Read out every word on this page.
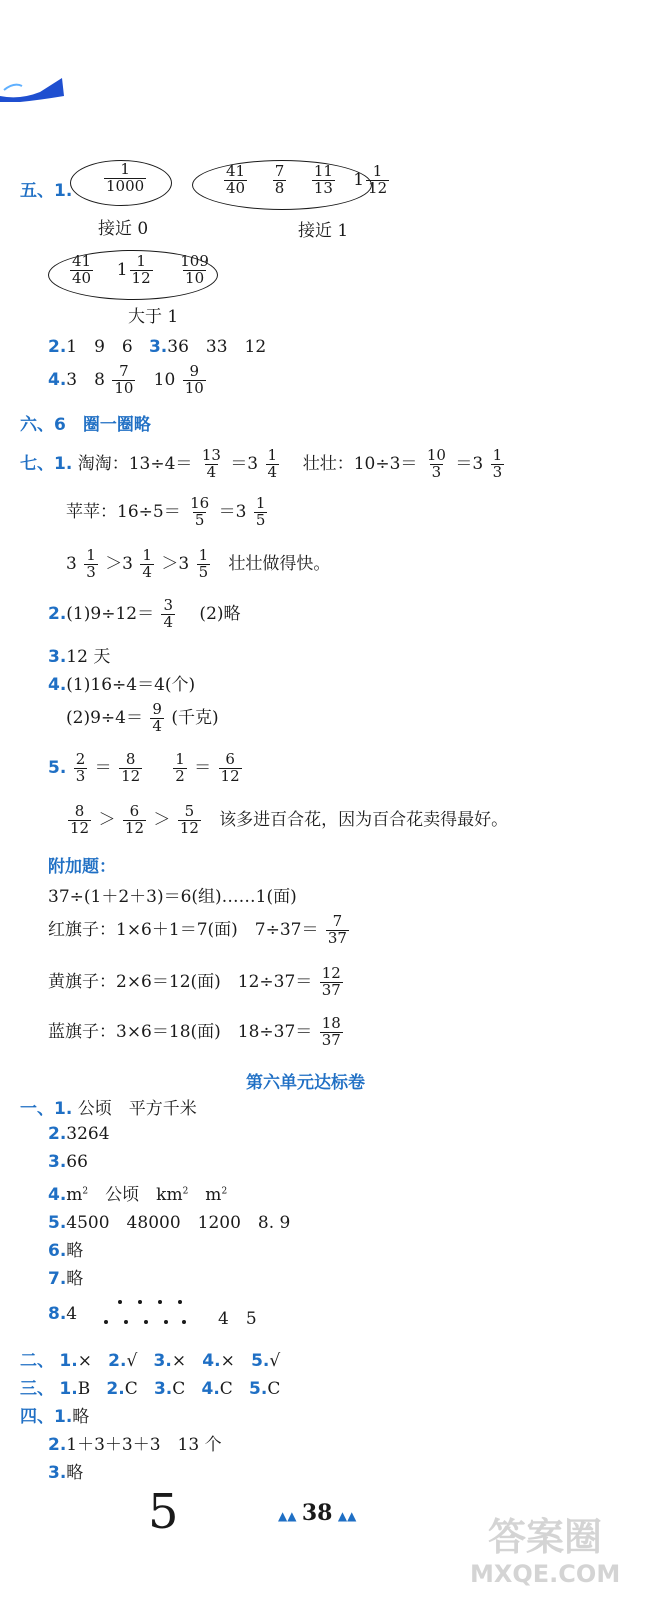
五、1. $\frac{1}{1000}$
接近 0
$\frac{41}{40}$
$\frac{7}{8}$
$\frac{11}{13} 1 \frac{1}{12}$
接近 1
$\frac{41}{40} 1 \frac{1}{12}$
$\frac{109}{10}$
大于 1
2.1　9　6 3.36　33　12
4.3　$8 \frac{7}{10} 10 \frac{9}{10}$
六、6　圈一圈略
七、1. 淘淘：$13\div 4= \frac{13}{4} =3 \frac{1}{4}$ 壮壮：$10\div 3= \frac{10}{3} =3 \frac{1}{3}$
苹苹：$16\div 5= \frac{16}{5} =3 \frac{1}{5}$
$3 \frac{1}{3} >3 \frac{1}{4} >3 \frac{1}{5}$ 壮壮做得快。
$2.(1)9\div 12= \frac{3}{4}$ 　(2)略
3.12 天
4.(1)16÷4＝4(个)
$(2)9\div 4= \frac{9}{4}$ (千克)
5. $\frac{2}{3} = \frac{8}{12}$
$\frac{1}{2} = \frac{6}{12}$
$\frac{8}{12} > \frac{6}{12} > \frac{5}{12}$ 该多进百合花，因为百合花卖得最好。
附加题：
37÷(1＋2＋3)＝6(组)……1(面)
红旗子：1×6＋1＝7(面)　$7\div 37= \frac{7}{37}$
黄旗子：2×6＝12(面)　$12\div 37= \frac{12}{37}$
蓝旗子：3×6＝18(面)　$18\div 37= \frac{18}{37}$
第六单元达标卷
一、1. 公顷　平方千米
2.3264
3.66
$4.m^2$　公顷　$km^2$　$m^2$
5.4500　48000　1200　8. 9
6.略
7.略
8.4	4　5
二、 1.× 2.√ 3.× 4.× 5.√
三、 1.B 2.C 3.C 4.C 5.C
四、1.略
2.1＋3＋3＋3　13 个
3.略
5	▲▲ 38 ▲▲	答案圈
MXQE.COM
